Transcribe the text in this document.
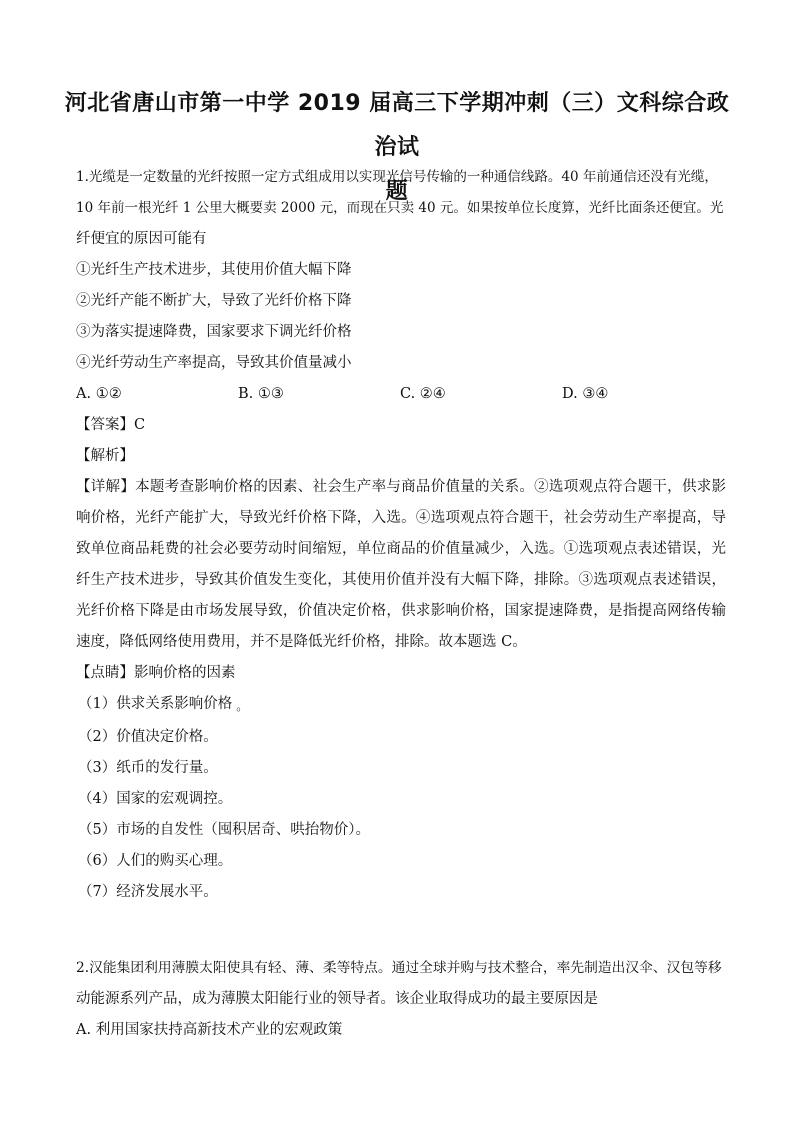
河北省唐山市第一中学 2019 届高三下学期冲刺（三）文科综合政治试
题
1.光缆是一定数量的光纤按照一定方式组成用以实现光信号传输的一种通信线路。40 年前通信还没有光缆，
10 年前一根光纤 1 公里大概要卖 2000 元，而现在只卖 40 元。如果按单位长度算，光纤比面条还便宜。光
纤便宜的原因可能有
①光纤生产技术进步，其使用价值大幅下降
②光纤产能不断扩大，导致了光纤价格下降
③为落实提速降费，国家要求下调光纤价格
④光纤劳动生产率提高，导致其价值量减小
A. ①②	B. ①③	C. ②④	D. ③④
【答案】C
【解析】
【详解】本题考查影响价格的因素、社会生产率与商品价值量的关系。②选项观点符合题干，供求影响价格，光纤产能扩大，导致光纤价格下降，入选。④选项观点符合题干，社会劳动生产率提高，导致单位商品耗费的社会必要劳动时间缩短，单位商品的价值量减少，入选。①选项观点表述错误，光纤生产技术进步，导致其价值发生变化，其使用价值并没有大幅下降，排除。③选项观点表述错误，光纤价格下降是由市场发展导致，价值决定价格，供求影响价格，国家提速降费，是指提高网络传输速度，降低网络使用费用，并不是降低光纤价格，排除。故本题选 C。
【点睛】影响价格的因素
（1）供求关系影响价格 。
（2）价值决定价格。
（3）纸币的发行量。
（4）国家的宏观调控。
（5）市场的自发性（囤积居奇、哄抬物价）。
（6）人们的购买心理。
（7）经济发展水平。
2.汉能集团利用薄膜太阳使具有轻、薄、柔等特点。通过全球并购与技术整合，率先制造出汉伞、汉包等移
动能源系列产品，成为薄膜太阳能行业的领导者。该企业取得成功的最主要原因是
A. 利用国家扶持高新技术产业的宏观政策
